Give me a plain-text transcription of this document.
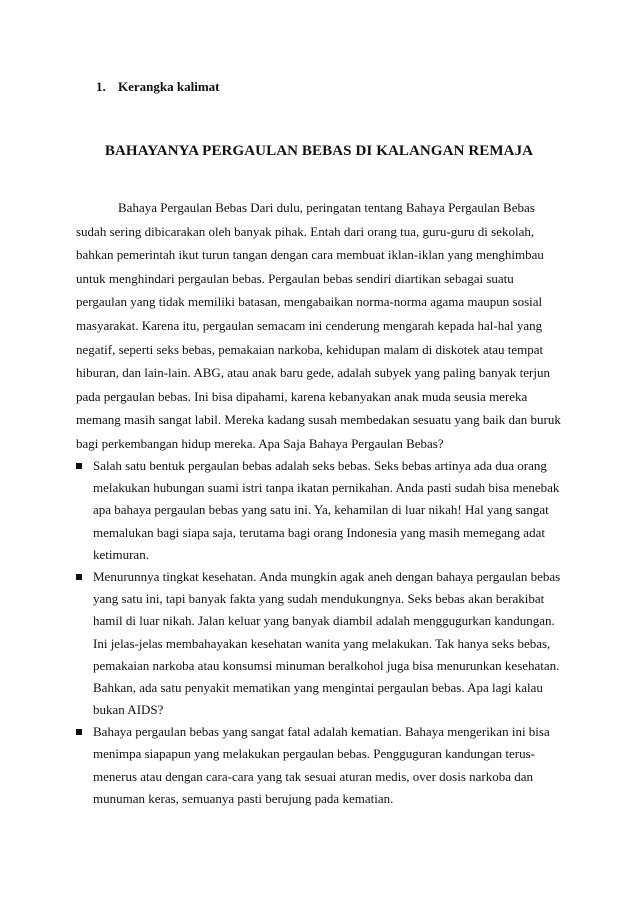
1. Kerangka kalimat
BAHAYANYA PERGAULAN BEBAS DI KALANGAN REMAJA
Bahaya Pergaulan Bebas Dari dulu, peringatan tentang Bahaya Pergaulan Bebas
sudah sering dibicarakan oleh banyak pihak. Entah dari orang tua, guru-guru di sekolah,
bahkan pemerintah ikut turun tangan dengan cara membuat iklan-iklan yang menghimbau
untuk menghindari pergaulan bebas. Pergaulan bebas sendiri diartikan sebagai suatu
pergaulan yang tidak memiliki batasan, mengabaikan norma-norma agama maupun sosial
masyarakat. Karena itu, pergaulan semacam ini cenderung mengarah kepada hal-hal yang
negatif, seperti seks bebas, pemakaian narkoba, kehidupan malam di diskotek atau tempat
hiburan, dan lain-lain. ABG, atau anak baru gede, adalah subyek yang paling banyak terjun
pada pergaulan bebas. Ini bisa dipahami, karena kebanyakan anak muda seusia mereka
memang masih sangat labil. Mereka kadang susah membedakan sesuatu yang baik dan buruk
bagi perkembangan hidup mereka. Apa Saja Bahaya Pergaulan Bebas?
Salah satu bentuk pergaulan bebas adalah seks bebas. Seks bebas artinya ada dua orang
melakukan hubungan suami istri tanpa ikatan pernikahan. Anda pasti sudah bisa menebak
apa bahaya pergaulan bebas yang satu ini. Ya, kehamilan di luar nikah! Hal yang sangat
memalukan bagi siapa saja, terutama bagi orang Indonesia yang masih memegang adat
ketimuran.
Menurunnya tingkat kesehatan. Anda mungkin agak aneh dengan bahaya pergaulan bebas
yang satu ini, tapi banyak fakta yang sudah mendukungnya. Seks bebas akan berakibat
hamil di luar nikah. Jalan keluar yang banyak diambil adalah menggugurkan kandungan.
Ini jelas-jelas membahayakan kesehatan wanita yang melakukan. Tak hanya seks bebas,
pemakaian narkoba atau konsumsi minuman beralkohol juga bisa menurunkan kesehatan.
Bahkan, ada satu penyakit mematikan yang mengintai pergaulan bebas. Apa lagi kalau
bukan AIDS?
Bahaya pergaulan bebas yang sangat fatal adalah kematian. Bahaya mengerikan ini bisa
menimpa siapapun yang melakukan pergaulan bebas. Pengguguran kandungan terus-
menerus atau dengan cara-cara yang tak sesuai aturan medis, over dosis narkoba dan
munuman keras, semuanya pasti berujung pada kematian.
